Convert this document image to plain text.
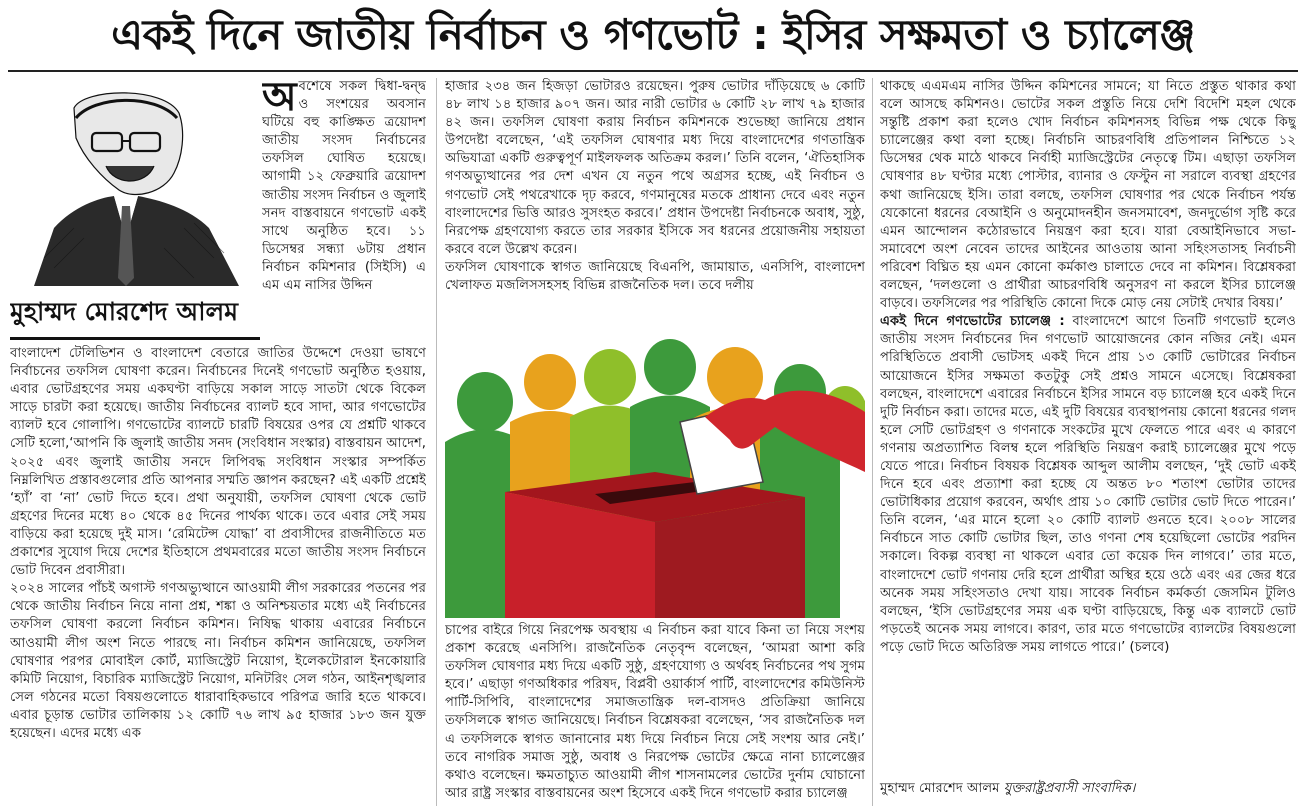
একই দিনে জাতীয় নির্বাচন ও গণভোট : ইসির সক্ষমতা ও চ্যালেঞ্জ
মুহাম্মদ মোরশেদ আলম
অবশেষে সকল দ্বিধা-দ্বন্দ্ব ও সংশয়ের অবসান ঘটিয়ে বহু কাঙ্ক্ষিত ত্রয়োদশ জাতীয় সংসদ নির্বাচনের তফসিল ঘোষিত হয়েছে। আগামী ১২ ফেব্রুয়ারি ত্রয়োদশ জাতীয় সংসদ নির্বাচন ও জুলাই সনদ বাস্তবায়নে গণভোট একই সাথে অনুষ্ঠিত হবে। ১১ ডিসেম্বর সন্ধ্যা ৬টায় প্রধান নির্বাচন কমিশনার (সিইসি) এ এম এম নাসির উদ্দিন

বাংলাদেশ টেলিভিশন ও বাংলাদেশ বেতারে জাতির উদ্দেশে দেওয়া ভাষণে নির্বাচনের তফসিল ঘোষণা করেন। নির্বাচনের দিনেই গণভোট অনুষ্ঠিত হওয়ায়, এবার ভোটগ্রহণের সময় একঘণ্টা বাড়িয়ে সকাল সাড়ে সাতটা থেকে বিকেল সাড়ে চারটা করা হয়েছে। জাতীয় নির্বাচনের ব্যালট হবে সাদা, আর গণভোটের ব্যালট হবে গোলাপি। গণভোটের ব্যালটে চারটি বিষয়ের ওপর যে প্রশ্নটি থাকবে সেটি হলো,‘আপনি কি জুলাই জাতীয় সনদ (সংবিধান সংস্কার) বাস্তবায়ন আদেশ, ২০২৫ এবং জুলাই জাতীয় সনদে লিপিবদ্ধ সংবিধান সংস্কার সম্পর্কিত নিম্নলিখিত প্রস্তাবগুলোর প্রতি আপনার সম্মতি জ্ঞাপন করছেন? এই একটি প্রশ্নেই ‘হ্যাঁ’ বা ‘না’ ভোট দিতে হবে। প্রথা অনুযায়ী, তফসিল ঘোষণা থেকে ভোট গ্রহণের দিনের মধ্যে ৪০ থেকে ৪৫ দিনের পার্থক্য থাকে। তবে এবার সেই সময় বাড়িয়ে করা হয়েছে দুই মাস। ‘রেমিটেন্স যোদ্ধা’ বা প্রবাসীদের রাজনীতিতে মত প্রকাশের সুযোগ দিয়ে দেশের ইতিহাসে প্রথমবারের মতো জাতীয় সংসদ নির্বাচনে ভোট দিবেন প্রবাসীরা।

২০২৪ সালের পাঁচই অগাস্ট গণঅভ্যুত্থানে আওয়ামী লীগ সরকারের পতনের পর থেকে জাতীয় নির্বাচন নিয়ে নানা প্রশ্ন, শঙ্কা ও অনিশ্চয়তার মধ্যে এই নির্বাচনের তফসিল ঘোষণা করলো নির্বাচন কমিশন। নিষিদ্ধ থাকায় এবারের নির্বাচনে আওয়ামী লীগ অংশ নিতে পারছে না। নির্বাচন কমিশন জানিয়েছে, তফসিল ঘোষণার পরপর মোবাইল কোর্ট, ম্যাজিস্ট্রেট নিয়োগ, ইলেকটোরাল ইনকোয়ারি কমিটি নিয়োগ, বিচারিক ম্যাজিস্ট্রেট নিয়োগ, মনিটরিং সেল গঠন, আইনশৃঙ্খলার সেল গঠনের মতো বিষয়গুলোতে ধারাবাহিকভাবে পরিপত্র জারি হতে থাকবে। এবার চূড়ান্ত ভোটার তালিকায় ১২ কোটি ৭৬ লাখ ৯৫ হাজার ১৮৩ জন যুক্ত হয়েছেন। এদের মধ্যে এক

হাজার ২৩৪ জন হিজড়া ভোটারও রয়েছেন। পুরুষ ভোটার দাঁড়িয়েছে ৬ কোটি ৪৮ লাখ ১৪ হাজার ৯০৭ জন। আর নারী ভোটার ৬ কোটি ২৮ লাখ ৭৯ হাজার ৪২ জন। তফসিল ঘোষণা করায় নির্বাচন কমিশনকে শুভেচ্ছা জানিয়ে প্রধান উপদেষ্টা বলেছেন, ‘এই তফসিল ঘোষণার মধ্য দিয়ে বাংলাদেশের গণতান্ত্রিক অভিযাত্রা একটি গুরুত্বপূর্ণ মাইলফলক অতিক্রম করল।’ তিনি বলেন, ‘ঐতিহাসিক গণঅভ্যুত্থানের পর দেশ এখন যে নতুন পথে অগ্রসর হচ্ছে, এই নির্বাচন ও গণভোট সেই পথরেখাকে দৃঢ় করবে, গণমানুষের মতকে প্রাধান্য দেবে এবং নতুন বাংলাদেশের ভিত্তি আরও সুসংহত করবে।’ প্রধান উপদেষ্টা নির্বাচনকে অবাধ, সুষ্ঠু, নিরপেক্ষ গ্রহণযোগ্য করতে তার সরকার ইসিকে সব ধরনের প্রয়োজনীয় সহায়তা করবে বলে উল্লেখ করেন।

তফসিল ঘোষণাকে স্বাগত জানিয়েছে বিএনপি, জামায়াত, এনসিপি, বাংলাদেশ খেলাফত মজলিসসহসহ বিভিন্ন রাজনৈতিক দল। তবে দলীয়

চাপের বাইরে গিয়ে নিরপেক্ষ অবস্থায় এ নির্বাচন করা যাবে কিনা তা নিয়ে সংশয় প্রকাশ করেছে এনসিপি। রাজনৈতিক নেতৃবৃন্দ বলেছেন, ‘আমরা আশা করি তফসিল ঘোষণার মধ্য দিয়ে একটি সুষ্ঠু, গ্রহণযোগ্য ও অর্থবহ নির্বাচনের পথ সুগম হবে।’ এছাড়া গণঅধিকার পরিষদ, বিপ্লবী ওয়ার্কার্স পার্টি, বাংলাদেশের কমিউনিস্ট পার্টি-সিপিবি, বাংলাদেশের সমাজতান্ত্রিক দল-বাসদও প্রতিক্রিয়া জানিয়ে তফসিলকে স্বাগত জানিয়েছে। নির্বাচন বিশ্লেষকরা বলেছেন, ‘সব রাজনৈতিক দল এ তফসিলকে স্বাগত জানানোর মধ্য দিয়ে নির্বাচন নিয়ে সেই সংশয় আর নেই।’ তবে নাগরিক সমাজ সুষ্ঠু, অবাধ ও নিরপেক্ষ ভোটের ক্ষেত্রে নানা চ্যালেঞ্জের কথাও বলেছেন। ক্ষমতাচ্যুত আওয়ামী লীগ শাসনামলের ভোটের দুর্নাম ঘোচানো আর রাষ্ট্র সংস্কার বাস্তবায়নের অংশ হিসেবে একই দিনে গণভোট করার চ্যালেঞ্জ

থাকছে এএমএম নাসির উদ্দিন কমিশনের সামনে; যা নিতে প্রস্তুত থাকার কথা বলে আসছে কমিশনও। ভোটের সকল প্রস্তুতি নিয়ে দেশি বিদেশি মহল থেকে সন্তুষ্টি প্রকাশ করা হলেও খোদ নির্বাচন কমিশনসহ বিভিন্ন পক্ষ থেকে কিছু চ্যালেঞ্জের কথা বলা হচ্ছে। নির্বাচনি আচরণবিধি প্রতিপালন নিশ্চিতে ১২ ডিসেম্বর থেক মাঠে থাকবে নির্বাহী ম্যাজিস্ট্রেটের নেতৃত্বে টিম। এছাড়া তফসিল ঘোষণার ৪৮ ঘণ্টার মধ্যে পোস্টার, ব্যানার ও ফেস্টুন না সরালে ব্যবস্থা গ্রহণের কথা জানিয়েছে ইসি। তারা বলছে, তফসিল ঘোষণার পর থেকে নির্বাচন পর্যন্ত যেকোনো ধরনের বেআইনি ও অনুমোদনহীন জনসমাবেশ, জনদুর্ভোগ সৃষ্টি করে এমন আন্দোলন কঠোরভাবে নিয়ন্ত্রণ করা হবে। যারা বেআইনিভাবে সভা-সমাবেশে অংশ নেবেন তাদের আইনের আওতায় আনা সহিংসতাসহ নির্বাচনী পরিবেশ বিঘ্নিত হয় এমন কোনো কর্মকাণ্ড চালাতে দেবে না কমিশন। বিশ্লেষকরা বলছেন, ‘দলগুলো ও প্রার্থীরা আচরণবিধি অনুসরণ না করলে ইসির চ্যালেঞ্জ বাড়বে। তফসিলের পর পরিস্থিতি কোনো দিকে মোড় নেয় সেটাই দেখার বিষয়।’

একই দিনে গণভোটের চ্যালেঞ্জ : বাংলাদেশে আগে তিনটি গণভোট হলেও জাতীয় সংসদ নির্বাচনের দিন গণভোট আয়োজনের কোন নজির নেই। এমন পরিস্থিতিতে প্রবাসী ভোটসহ একই দিনে প্রায় ১৩ কোটি ভোটারের নির্বাচন আয়োজনে ইসির সক্ষমতা কতটুকু সেই প্রশ্নও সামনে এসেছে। বিশ্লেষকরা বলছেন, বাংলাদেশে এবারের নির্বাচনে ইসির সামনে বড় চ্যালেঞ্জ হবে একই দিনে দুটি নির্বাচন করা। তাদের মতে, এই দুটি বিষয়ের ব্যবস্থাপনায় কোনো ধরনের গলদ হলে সেটি ভোটগ্রহণ ও গণনাকে সংকটের মুখে ফেলতে পারে এবং এ কারণে গণনায় অপ্রত্যাশিত বিলম্ব হলে পরিস্থিতি নিয়ন্ত্রণ করাই চ্যালেঞ্জের মুখে পড়ে যেতে পারে। নির্বাচন বিষয়ক বিশ্লেষক আব্দুল আলীম বলছেন, ‘দুই ভোট একই দিনে হবে এবং প্রত্যাশা করা হচ্ছে যে অন্তত ৮০ শতাংশ ভোটার তাদের ভোটাধিকার প্রয়োগ করবেন, অর্থাৎ প্রায় ১০ কোটি ভোটার ভোট দিতে পারেন।’ তিনি বলেন, ‘এর মানে হলো ২০ কোটি ব্যালট গুনতে হবে। ২০০৮ সালের নির্বাচনে সাত কোটি ভোটার ছিল, তাও গণনা শেষ হয়েছিলো ভোটের পরদিন সকালে। বিকল্প ব্যবস্থা না থাকলে এবার তো কয়েক দিন লাগবে।’ তার মতে, বাংলাদেশে ভোট গণনায় দেরি হলে প্রার্থীরা অস্থির হয়ে ওঠে এবং এর জের ধরে অনেক সময় সহিংসতাও দেখা যায়। সাবেক নির্বাচন কর্মকর্তা জেসমিন টুলিও বলছেন, ‘ইসি ভোটগ্রহণের সময় এক ঘণ্টা বাড়িয়েছে, কিন্তু এক ব্যালটে ভোট পড়তেই অনেক সময় লাগবে। কারণ, তার মতে গণভোটের ব্যালটের বিষয়গুলো পড়ে ভোট দিতে অতিরিক্ত সময় লাগতে পারে।’ (চলবে)

মুহাম্মদ মোরশেদ আলম যুক্তরাষ্ট্রপ্রবাসী সাংবাদিক।
